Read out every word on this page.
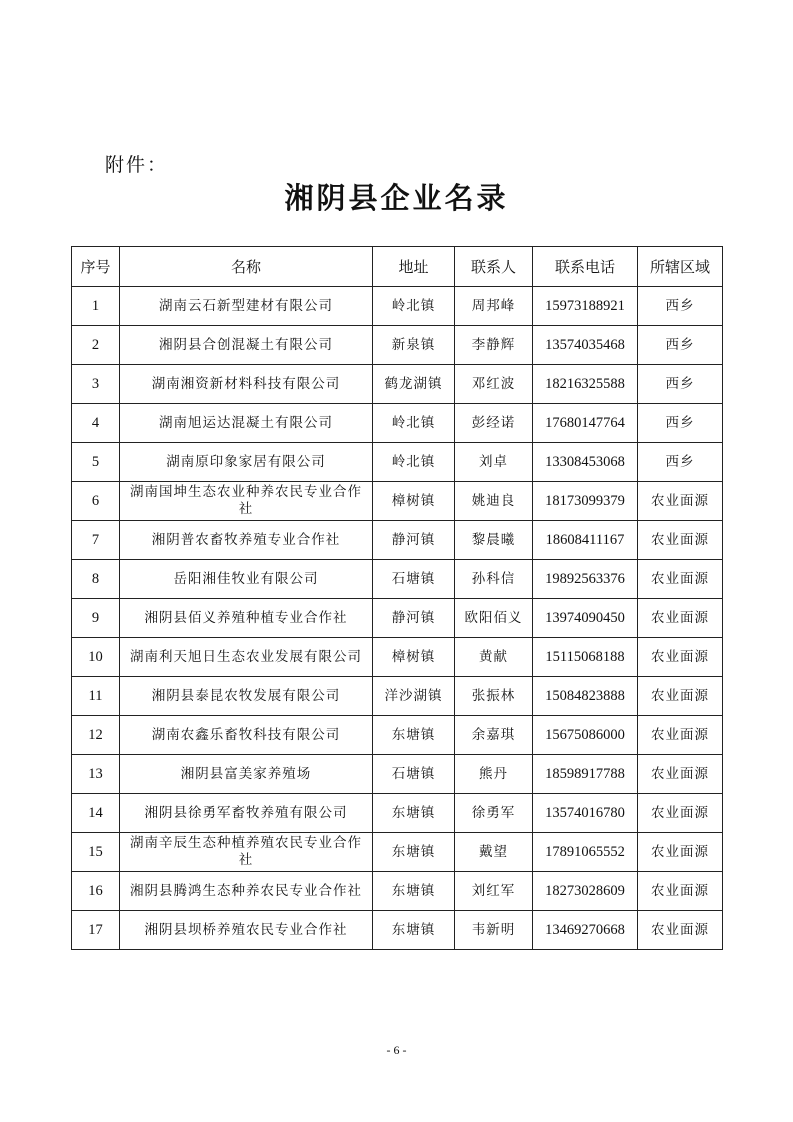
附件：
湘阴县企业名录
序号	名称	地址	联系人	联系电话	所辖区域
1	湖南云石新型建材有限公司	岭北镇	周邦峰	15973188921	西乡
2	湘阴县合创混凝土有限公司	新泉镇	李静辉	13574035468	西乡
3	湖南湘资新材料科技有限公司	鹤龙湖镇	邓红波	18216325588	西乡
4	湖南旭运达混凝土有限公司	岭北镇	彭经诺	17680147764	西乡
5	湖南原印象家居有限公司	岭北镇	刘卓	13308453068	西乡
6	湖南国坤生态农业种养农民专业合作社	樟树镇	姚迪良	18173099379	农业面源
7	湘阴普农畜牧养殖专业合作社	静河镇	黎晨曦	18608411167	农业面源
8	岳阳湘佳牧业有限公司	石塘镇	孙科信	19892563376	农业面源
9	湘阴县佰义养殖种植专业合作社	静河镇	欧阳佰义	13974090450	农业面源
10	湖南利天旭日生态农业发展有限公司	樟树镇	黄献	15115068188	农业面源
11	湘阴县泰昆农牧发展有限公司	洋沙湖镇	张振林	15084823888	农业面源
12	湖南农鑫乐畜牧科技有限公司	东塘镇	余嘉琪	15675086000	农业面源
13	湘阴县富美家养殖场	石塘镇	熊丹	18598917788	农业面源
14	湘阴县徐勇军畜牧养殖有限公司	东塘镇	徐勇军	13574016780	农业面源
15	湖南辛辰生态种植养殖农民专业合作社	东塘镇	戴望	17891065552	农业面源
16	湘阴县腾鸿生态种养农民专业合作社	东塘镇	刘红军	18273028609	农业面源
17	湘阴县坝桥养殖农民专业合作社	东塘镇	韦新明	13469270668	农业面源
- 6 -
